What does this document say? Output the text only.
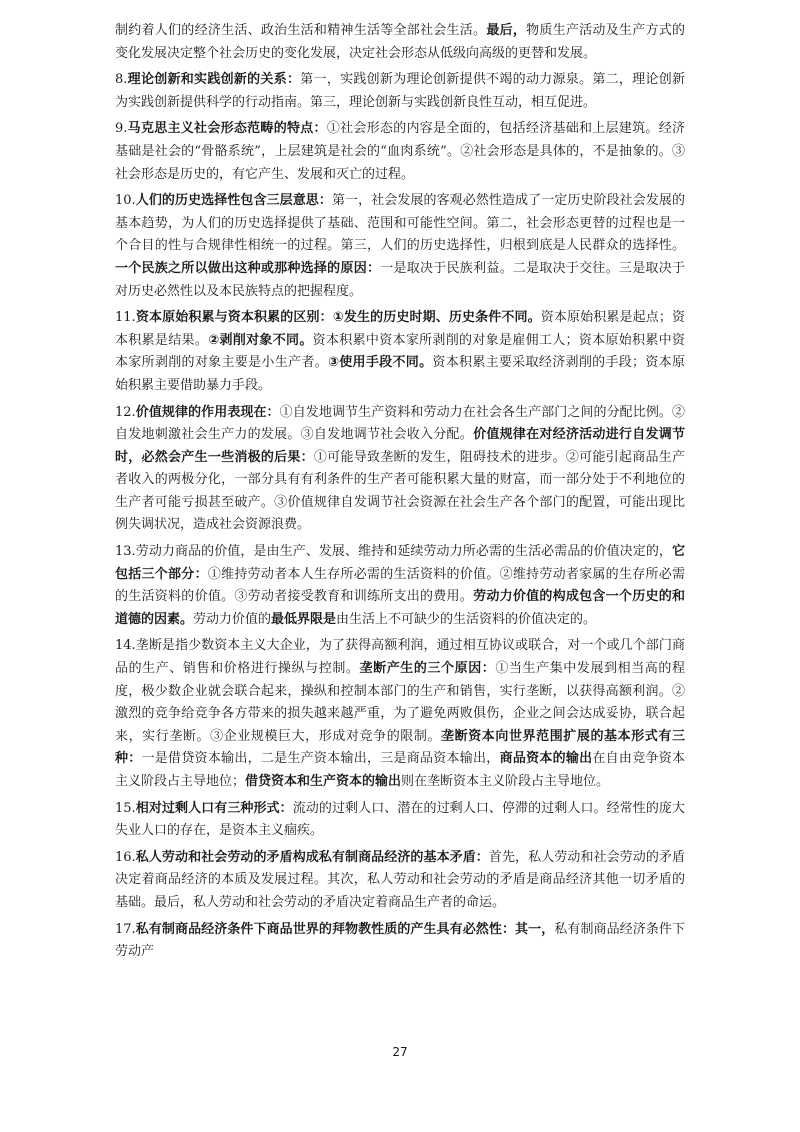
制约着人们的经济生活、政治生活和精神生活等全部社会生活。最后，物质生产活动及生产方式的变化发展决定整个社会历史的变化发展，决定社会形态从低级向高级的更替和发展。

8.理论创新和实践创新的关系：第一，实践创新为理论创新提供不竭的动力源泉。第二，理论创新为实践创新提供科学的行动指南。第三，理论创新与实践创新良性互动，相互促进。

9.马克思主义社会形态范畴的特点：①社会形态的内容是全面的，包括经济基础和上层建筑。经济基础是社会的“骨骼系统”，上层建筑是社会的“血肉系统”。②社会形态是具体的，不是抽象的。③社会形态是历史的，有它产生、发展和灭亡的过程。

10.人们的历史选择性包含三层意思：第一，社会发展的客观必然性造成了一定历史阶段社会发展的基本趋势，为人们的历史选择提供了基础、范围和可能性空间。第二，社会形态更替的过程也是一个合目的性与合规律性相统一的过程。第三，人们的历史选择性，归根到底是人民群众的选择性。一个民族之所以做出这种或那种选择的原因：一是取决于民族利益。二是取决于交往。三是取决于对历史必然性以及本民族特点的把握程度。

11.资本原始积累与资本积累的区别：①发生的历史时期、历史条件不同。资本原始积累是起点；资本积累是结果。②剥削对象不同。资本积累中资本家所剥削的对象是雇佣工人；资本原始积累中资本家所剥削的对象主要是小生产者。③使用手段不同。资本积累主要采取经济剥削的手段；资本原始积累主要借助暴力手段。

12.价值规律的作用表现在：①自发地调节生产资料和劳动力在社会各生产部门之间的分配比例。②自发地刺激社会生产力的发展。③自发地调节社会收入分配。价值规律在对经济活动进行自发调节时，必然会产生一些消极的后果：①可能导致垄断的发生，阻碍技术的进步。②可能引起商品生产者收入的两极分化，一部分具有有利条件的生产者可能积累大量的财富，而一部分处于不利地位的生产者可能亏损甚至破产。③价值规律自发调节社会资源在社会生产各个部门的配置，可能出现比例失调状况，造成社会资源浪费。

13.劳动力商品的价值，是由生产、发展、维持和延续劳动力所必需的生活必需品的价值决定的，它包括三个部分：①维持劳动者本人生存所必需的生活资料的价值。②维持劳动者家属的生存所必需的生活资料的价值。③劳动者接受教育和训练所支出的费用。劳动力价值的构成包含一个历史的和道德的因素。劳动力价值的最低界限是由生活上不可缺少的生活资料的价值决定的。

14.垄断是指少数资本主义大企业，为了获得高额利润，通过相互协议或联合，对一个或几个部门商品的生产、销售和价格进行操纵与控制。垄断产生的三个原因：①当生产集中发展到相当高的程度，极少数企业就会联合起来，操纵和控制本部门的生产和销售，实行垄断，以获得高额利润。②激烈的竞争给竞争各方带来的损失越来越严重，为了避免两败俱伤，企业之间会达成妥协，联合起来，实行垄断。③企业规模巨大，形成对竞争的限制。垄断资本向世界范围扩展的基本形式有三种：一是借贷资本输出，二是生产资本输出，三是商品资本输出，商品资本的输出在自由竞争资本主义阶段占主导地位；借贷资本和生产资本的输出则在垄断资本主义阶段占主导地位。

15.相对过剩人口有三种形式：流动的过剩人口、潜在的过剩人口、停滞的过剩人口。经常性的庞大失业人口的存在，是资本主义痼疾。

16.私人劳动和社会劳动的矛盾构成私有制商品经济的基本矛盾：首先，私人劳动和社会劳动的矛盾决定着商品经济的本质及发展过程。其次，私人劳动和社会劳动的矛盾是商品经济其他一切矛盾的基础。最后，私人劳动和社会劳动的矛盾决定着商品生产者的命运。

17.私有制商品经济条件下商品世界的拜物教性质的产生具有必然性：其一，私有制商品经济条件下劳动产

27
